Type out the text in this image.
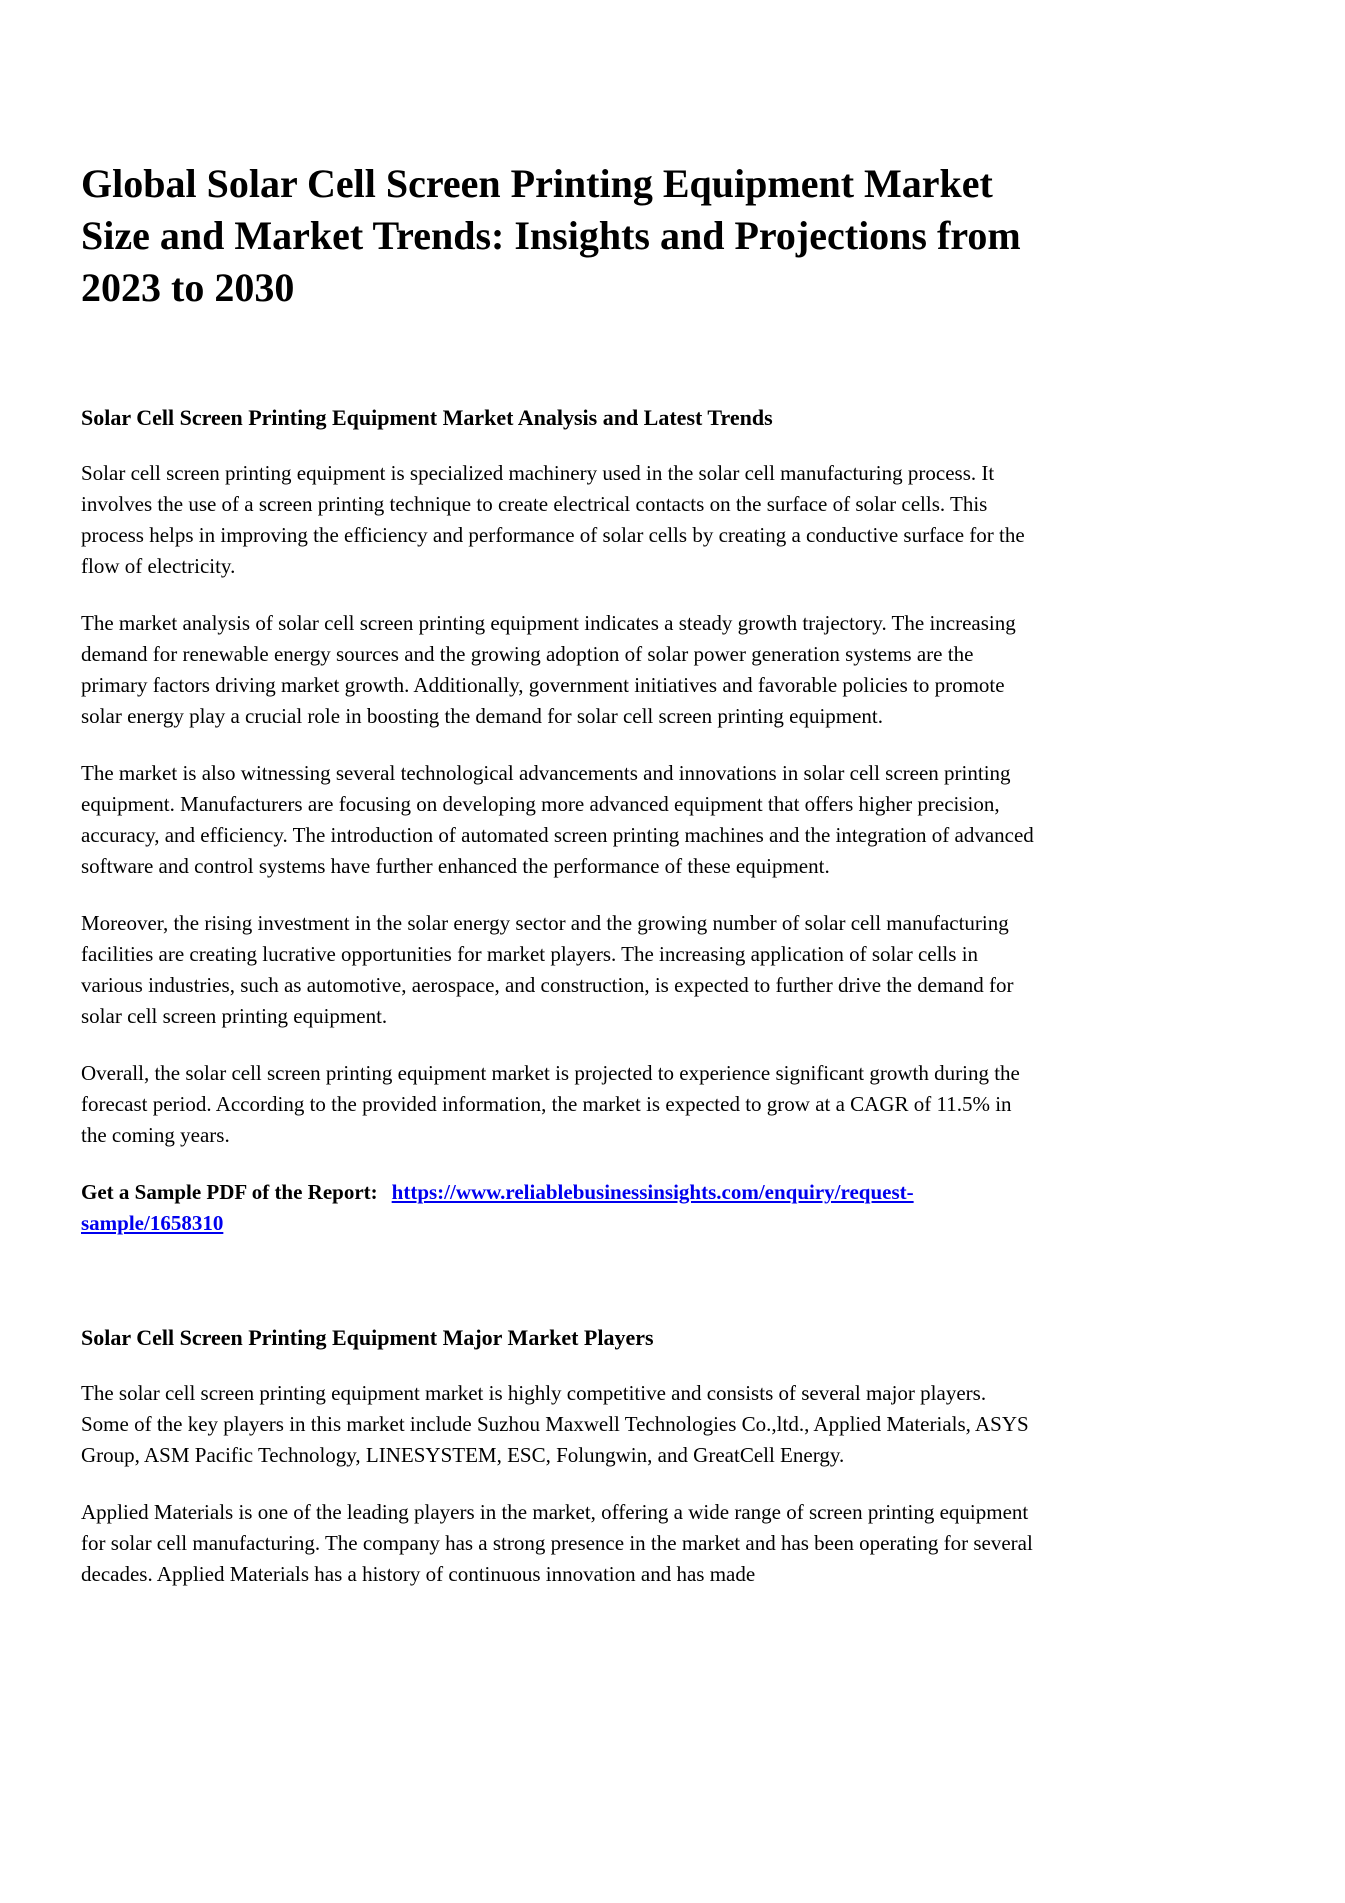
Global Solar Cell Screen Printing Equipment Market Size and Market Trends: Insights and Projections from 2023 to 2030
Solar Cell Screen Printing Equipment Market Analysis and Latest Trends

Solar cell screen printing equipment is specialized machinery used in the solar cell manufacturing process. It involves the use of a screen printing technique to create electrical contacts on the surface of solar cells. This process helps in improving the efficiency and performance of solar cells by creating a conductive surface for the flow of electricity.

The market analysis of solar cell screen printing equipment indicates a steady growth trajectory. The increasing demand for renewable energy sources and the growing adoption of solar power generation systems are the primary factors driving market growth. Additionally, government initiatives and favorable policies to promote solar energy play a crucial role in boosting the demand for solar cell screen printing equipment.

The market is also witnessing several technological advancements and innovations in solar cell screen printing equipment. Manufacturers are focusing on developing more advanced equipment that offers higher precision, accuracy, and efficiency. The introduction of automated screen printing machines and the integration of advanced software and control systems have further enhanced the performance of these equipment.

Moreover, the rising investment in the solar energy sector and the growing number of solar cell manufacturing facilities are creating lucrative opportunities for market players. The increasing application of solar cells in various industries, such as automotive, aerospace, and construction, is expected to further drive the demand for solar cell screen printing equipment.

Overall, the solar cell screen printing equipment market is projected to experience significant growth during the forecast period. According to the provided information, the market is expected to grow at a CAGR of 11.5% in the coming years.

Get a Sample PDF of the Report: https://www.reliablebusinessinsights.com/enquiry/request-sample/1658310

Solar Cell Screen Printing Equipment Major Market Players

The solar cell screen printing equipment market is highly competitive and consists of several major players. Some of the key players in this market include Suzhou Maxwell Technologies Co.,ltd., Applied Materials, ASYS Group, ASM Pacific Technology, LINESYSTEM, ESC, Folungwin, and GreatCell Energy.

Applied Materials is one of the leading players in the market, offering a wide range of screen printing equipment for solar cell manufacturing. The company has a strong presence in the market and has been operating for several decades. Applied Materials has a history of continuous innovation and has made
